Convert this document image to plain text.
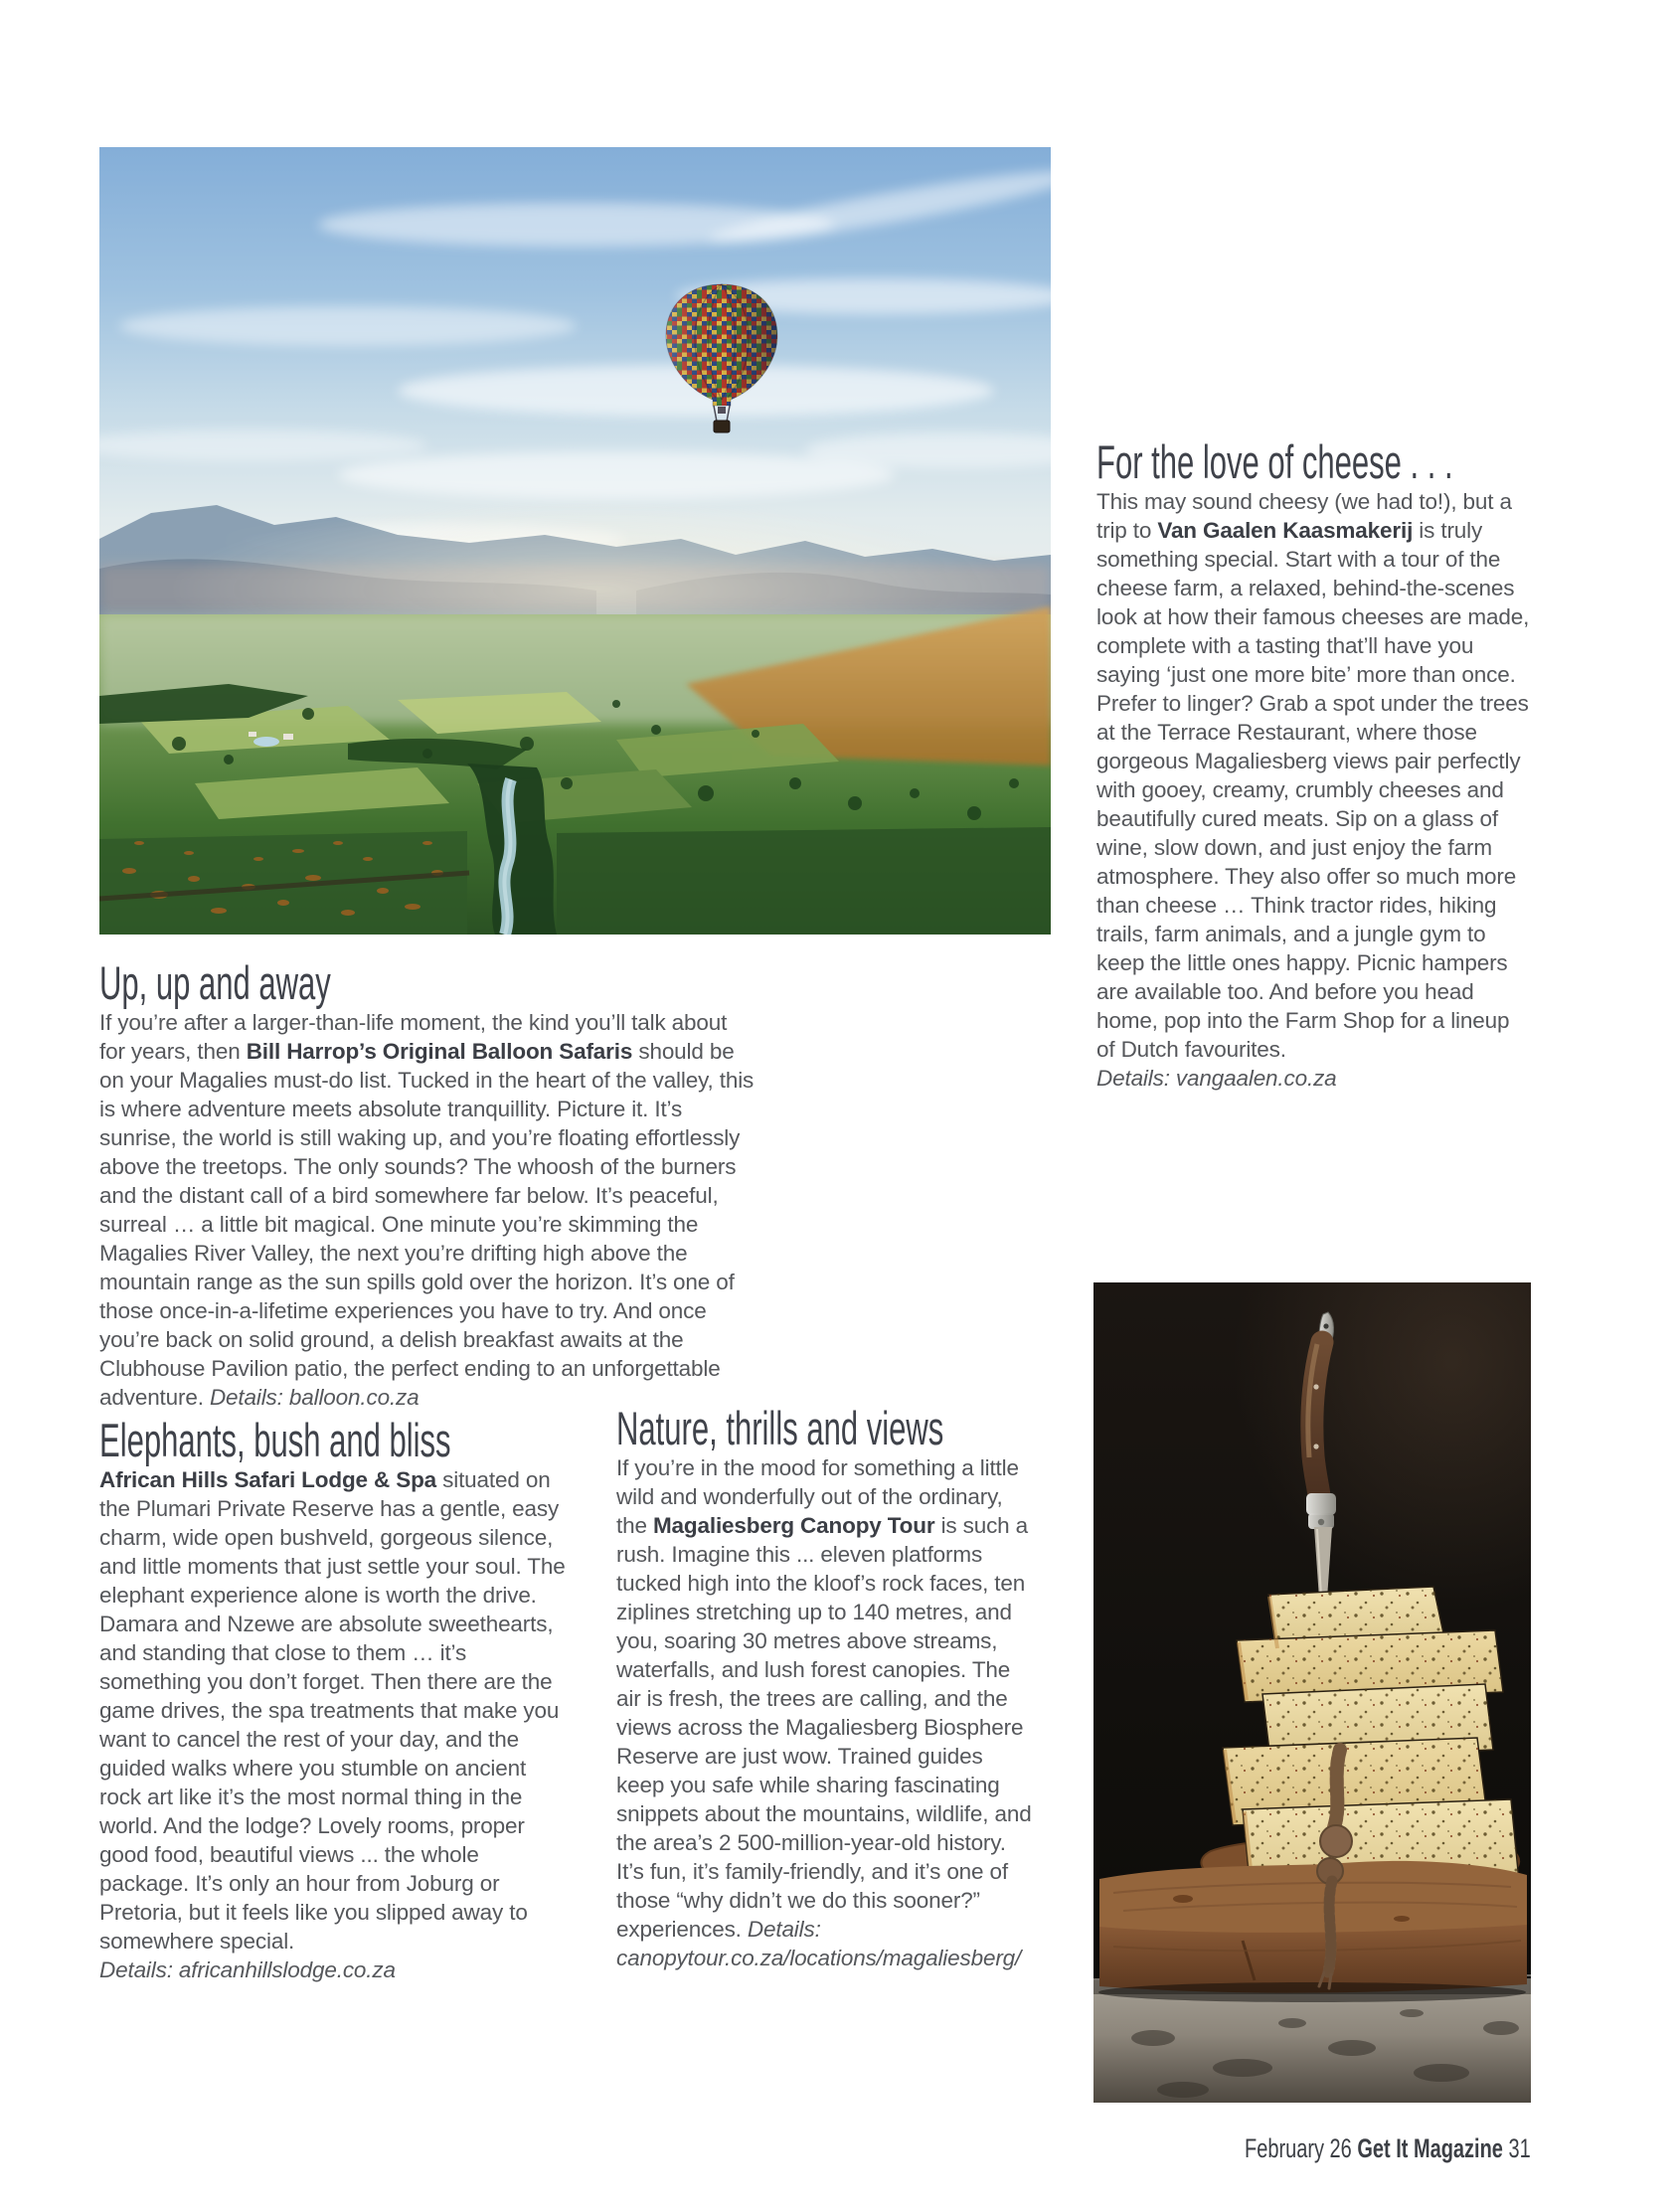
Up, up and away
If you’re after a larger-than-life moment, the kind you’ll talk about for years, then Bill Harrop’s Original Balloon Safaris should be on your Magalies must-do list. Tucked in the heart of the valley, this is where adventure meets absolute tranquillity. Picture it. It’s sunrise, the world is still waking up, and you’re floating effortlessly above the treetops. The only sounds? The whoosh of the burners and the distant call of a bird somewhere far below. It’s peaceful, surreal … a little bit magical. One minute you’re skimming the Magalies River Valley, the next you’re drifting high above the mountain range as the sun spills gold over the horizon. It’s one of those once-in-a-lifetime experiences you have to try. And once you’re back on solid ground, a delish breakfast awaits at the Clubhouse Pavilion patio, the perfect ending to an unforgettable adventure. Details: balloon.co.za
Elephants, bush and bliss
African Hills Safari Lodge & Spa situated on the Plumari Private Reserve has a gentle, easy charm, wide open bushveld, gorgeous silence, and little moments that just settle your soul. The elephant experience alone is worth the drive. Damara and Nzewe are absolute sweethearts, and standing that close to them … it’s something you don’t forget. Then there are the game drives, the spa treatments that make you want to cancel the rest of your day, and the guided walks where you stumble on ancient rock art like it’s the most normal thing in the world. And the lodge? Lovely rooms, proper good food, beautiful views ... the whole package. It’s only an hour from Joburg or Pretoria, but it feels like you slipped away to somewhere special.
Details: africanhillslodge.co.za
Nature, thrills and views
If you’re in the mood for something a little wild and wonderfully out of the ordinary, the Magaliesberg Canopy Tour is such a rush. Imagine this ... eleven platforms tucked high into the kloof’s rock faces, ten ziplines stretching up to 140 metres, and you, soaring 30 metres above streams, waterfalls, and lush forest canopies. The air is fresh, the trees are calling, and the views across the Magaliesberg Biosphere Reserve are just wow. Trained guides keep you safe while sharing fascinating snippets about the mountains, wildlife, and the area’s 2 500-million-year-old history. It’s fun, it’s family-friendly, and it’s one of those “why didn’t we do this sooner?” experiences. Details: canopytour.co.za/locations/magaliesberg/
For the love of cheese . . .
This may sound cheesy (we had to!), but a trip to Van Gaalen Kaasmakerij is truly something special. Start with a tour of the cheese farm, a relaxed, behind-the-scenes look at how their famous cheeses are made, complete with a tasting that’ll have you saying ‘just one more bite’ more than once. Prefer to linger? Grab a spot under the trees at the Terrace Restaurant, where those gorgeous Magaliesberg views pair perfectly with gooey, creamy, crumbly cheeses and beautifully cured meats. Sip on a glass of wine, slow down, and just enjoy the farm atmosphere. They also offer so much more than cheese … Think tractor rides, hiking trails, farm animals, and a jungle gym to keep the little ones happy. Picnic hampers are available too. And before you head home, pop into the Farm Shop for a lineup of Dutch favourites.
Details: vangaalen.co.za
February 26 Get It Magazine 31
